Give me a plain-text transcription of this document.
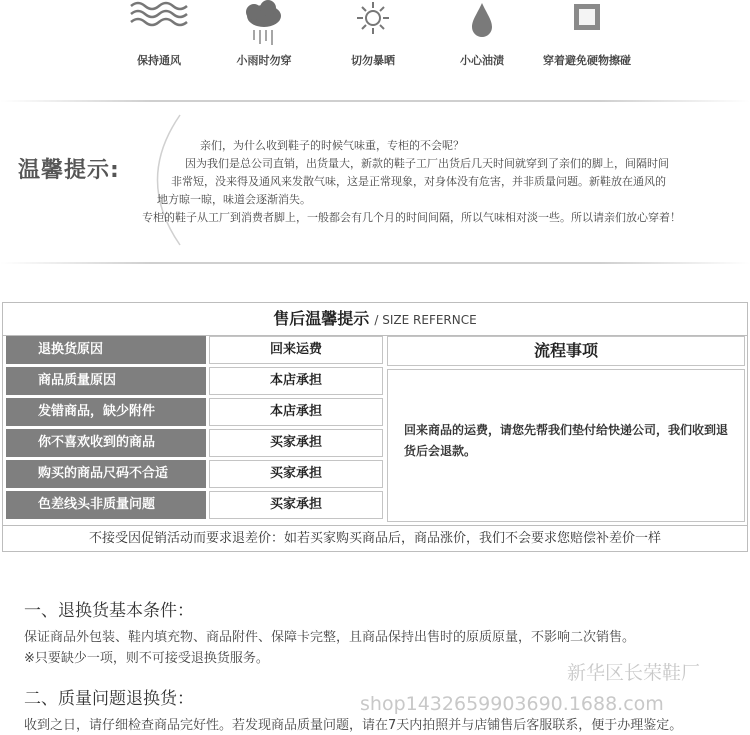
保持通风	小雨时勿穿	切勿暴晒	小心油渍	穿着避免硬物擦碰
温馨提示:
亲们，为什么收到鞋子的时候气味重，专柜的不会呢？
因为我们是总公司直销，出货量大，新款的鞋子工厂出货后几天时间就穿到了亲们的脚上，间隔时间
非常短，没来得及通风来发散气味，这是正常现象，对身体没有危害，并非质量问题。新鞋放在通风的
地方晾一晾，味道会逐渐消失。
专柜的鞋子从工厂到消费者脚上，一般都会有几个月的时间间隔，所以气味相对淡一些。所以请亲们放心穿着！
售后温馨提示 / SIZE REFERNCE
退换货原因	回来运费
商品质量原因	本店承担
发错商品，缺少附件	本店承担
你不喜欢收到的商品	买家承担
购买的商品尺码不合适	买家承担
色差线头非质量问题	买家承担
流程事项
回来商品的运费，请您先帮我们垫付给快递公司，我们收到退货后会退款。
不接受因促销活动而要求退差价：如若买家购买商品后，商品涨价，我们不会要求您赔偿补差价一样
新华区长荣鞋厂
shop1432659903690.1688.com
一、退换货基本条件：
保证商品外包装、鞋内填充物、商品附件、保障卡完整，且商品保持出售时的原质原量，不影响二次销售。
※只要缺少一项，则不可接受退换货服务。
二、质量问题退换货：
收到之日，请仔细检查商品完好性。若发现商品质量问题，请在7天内拍照并与店铺售后客服联系，便于办理鉴定。
